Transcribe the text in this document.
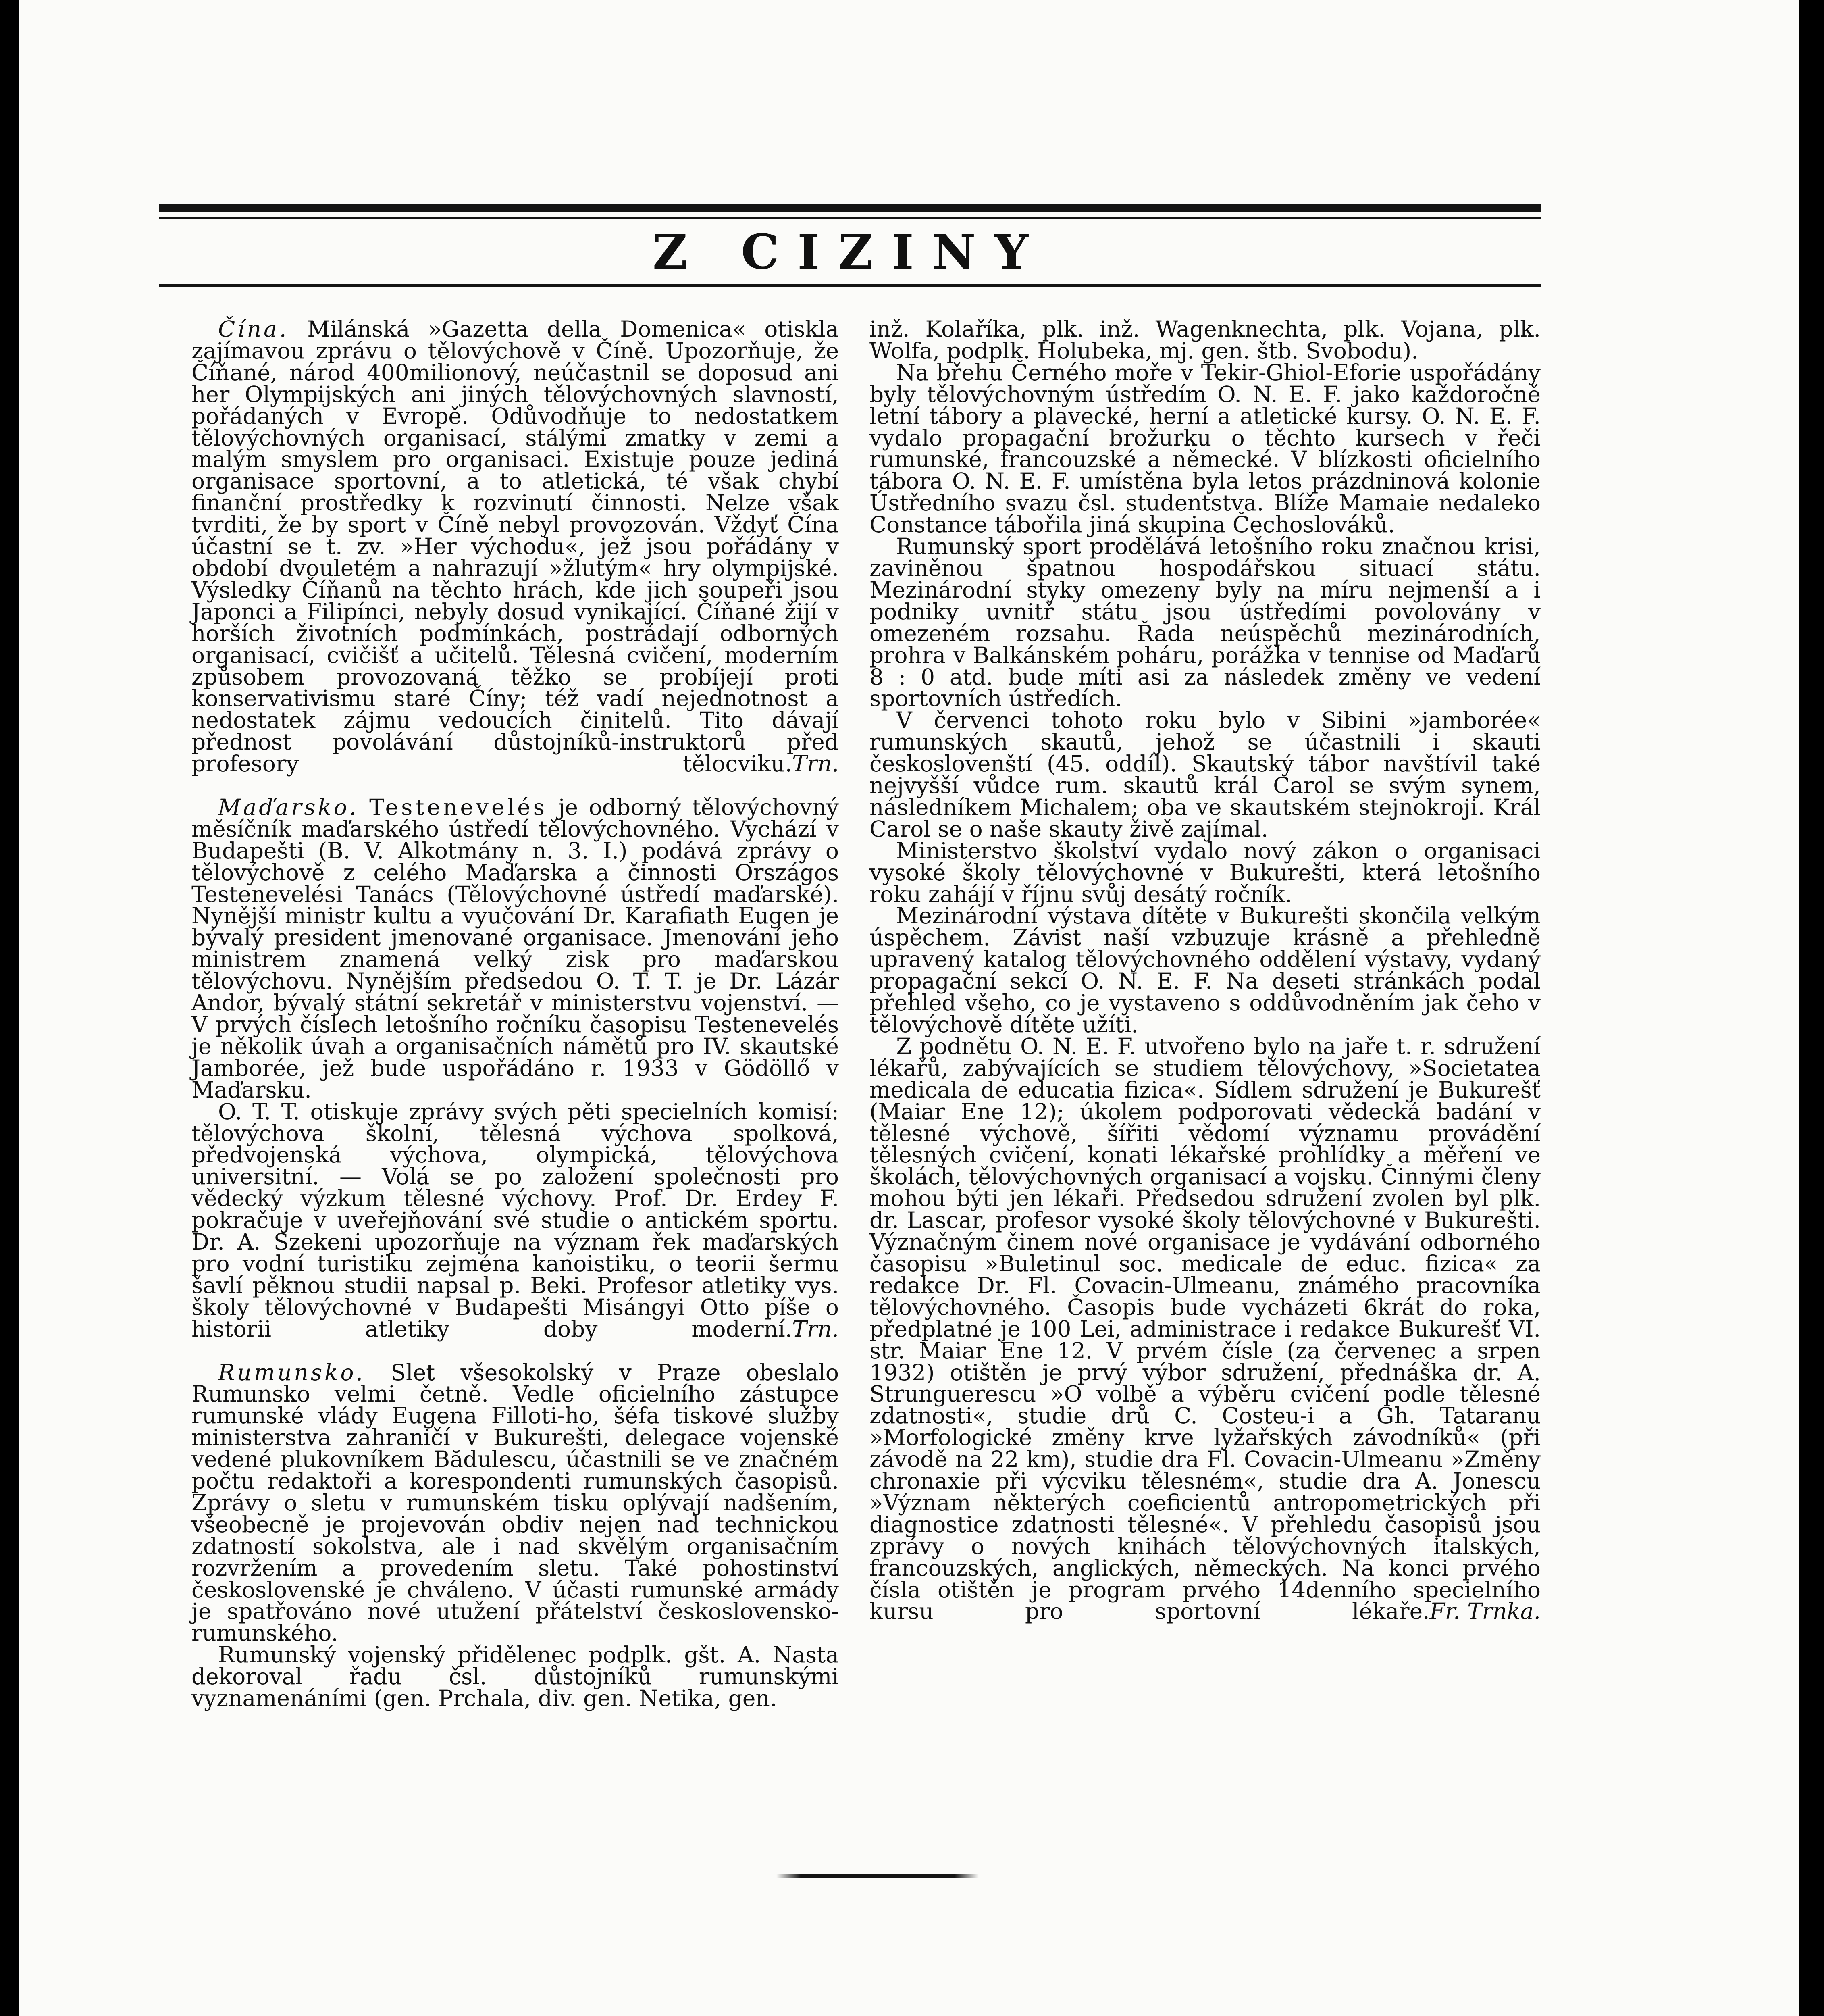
Z CIZINY

Čína. Milánská »Gazetta della Domenica« otiskla zajímavou zprávu o tělovýchově v Číně. Upozorňuje, že Číňané, národ 400milionový, neúčastnil se doposud ani her Olympijských ani jiných tělovýchovných slavností, pořádaných v Evropě. Odůvodňuje to nedostatkem tělovýchovných organisací, stálými zmatky v zemi a malým smyslem pro organisaci. Existuje pouze jediná organisace sportovní, a to atletická, té však chybí finanční prostředky k rozvinutí činnosti. Nelze však tvrditi, že by sport v Číně nebyl provozován. Vždyť Čína účastní se t. zv. »Her východu«, jež jsou pořádány v období dvouletém a nahrazují »žlutým« hry olympijské. Výsledky Číňanů na těchto hrách, kde jich soupeři jsou Japonci a Filipínci, nebyly dosud vynikající. Číňané žijí v horších životních podmínkách, postrádají odborných organisací, cvičišť a učitelů. Tělesná cvičení, moderním způsobem provozovaná těžko se probíjejí proti konservativismu staré Číny; též vadí nejednotnost a nedostatek zájmu vedoucích činitelů. Tito dávají přednost povolávání důstojníků-instruktorů před profesory tělocviku. Trn.

Maďarsko. Testenevelés je odborný tělovýchovný měsíčník maďarského ústředí tělovýchovného. Vychází v Budapešti (B. V. Alkotmány n. 3. I.) podává zprávy o tělovýchově z celého Maďarska a činnosti Országos Testenevelési Tanács (Tělovýchovné ústředí maďarské). Nynější ministr kultu a vyučování Dr. Karafiath Eugen je bývalý president jmenované organisace. Jmenování jeho ministrem znamená velký zisk pro maďarskou tělovýchovu. Nynějším předsedou O. T. T. je Dr. Lázár Andor, bývalý státní sekretář v ministerstvu vojenství. — V prvých číslech letošního ročníku časopisu Testenevelés je několik úvah a organisačních námětů pro IV. skautské Jamborée, jež bude uspořádáno r. 1933 v Gödöllő v Maďarsku.

O. T. T. otiskuje zprávy svých pěti specielních komisí: tělovýchova školní, tělesná výchova spolková, předvojenská výchova, olympická, tělovýchova universitní. — Volá se po založení společnosti pro vědecký výzkum tělesné výchovy. Prof. Dr. Erdey F. pokračuje v uveřejňování své studie o antickém sportu. Dr. A. Szekeni upozorňuje na význam řek maďarských pro vodní turistiku zejména kanoistiku, o teorii šermu šavlí pěknou studii napsal p. Beki. Profesor atletiky vys. školy tělovýchovné v Budapešti Misángyi Otto píše o historii atletiky doby moderní. Trn.

Rumunsko. Slet všesokolský v Praze obeslalo Rumunsko velmi četně. Vedle oficielního zástupce rumunské vlády Eugena Filloti-ho, šéfa tiskové služby ministerstva zahraničí v Bukurešti, delegace vojenské vedené plukovníkem Bădulescu, účastnili se ve značném počtu redaktoři a korespondenti rumunských časopisů. Zprávy o sletu v rumunském tisku oplývají nadšením, všeobecně je projevován obdiv nejen nad technickou zdatností sokolstva, ale i nad skvělým organisačním rozvržením a provedením sletu. Také pohostinství československé je chváleno. V účasti rumunské armády je spatřováno nové utužení přátelství československo-rumunského.

Rumunský vojenský přidělenec podplk. gšt. A. Nasta dekoroval řadu čsl. důstojníků rumunskými vyznamenáními (gen. Prchala, div. gen. Netika, gen.

inž. Kolaříka, plk. inž. Wagenknechta, plk. Vojana, plk. Wolfa, podplk. Holubeka, mj. gen. štb. Svobodu).

Na břehu Černého moře v Tekir-Ghiol-Eforie uspořádány byly tělovýchovným ústředím O. N. E. F. jako každoročně letní tábory a plavecké, herní a atletické kursy. O. N. E. F. vydalo propagační brožurku o těchto kursech v řeči rumunské, francouzské a německé. V blízkosti oficielního tábora O. N. E. F. umístěna byla letos prázdninová kolonie Ústředního svazu čsl. studentstva. Blíže Mamaie nedaleko Constance tábořila jiná skupina Čechoslováků.

Rumunský sport prodělává letošního roku značnou krisi, zaviněnou špatnou hospodářskou situací státu. Mezinárodní styky omezeny byly na míru nejmenší a i podniky uvnitř státu jsou ústředími povolovány v omezeném rozsahu. Řada neúspěchů mezinárodních, prohra v Balkánském poháru, porážka v tennise od Maďarů 8 : 0 atd. bude míti asi za následek změny ve vedení sportovních ústředích.

V červenci tohoto roku bylo v Sibini »jamborée« rumunských skautů, jehož se účastnili i skauti českoslovenští (45. oddíl). Skautský tábor navštívil také nejvyšší vůdce rum. skautů král Carol se svým synem, následníkem Michalem; oba ve skautském stejnokroji. Král Carol se o naše skauty živě zajímal.

Ministerstvo školství vydalo nový zákon o organisaci vysoké školy tělovýchovné v Bukurešti, která letošního roku zahájí v říjnu svůj desátý ročník.

Mezinárodní výstava dítěte v Bukurešti skončila velkým úspěchem. Závist naší vzbuzuje krásně a přehledně upravený katalog tělovýchovného oddělení výstavy, vydaný propagační sekcí O. N. E. F. Na deseti stránkách podal přehled všeho, co je vystaveno s oddůvodněním jak čeho v tělovýchově dítěte užíti.

Z podnětu O. N. E. F. utvořeno bylo na jaře t. r. sdružení lékařů, zabývajících se studiem tělovýchovy, »Societatea medicala de educatia fizica«. Sídlem sdružení je Bukurešť (Maiar Ene 12); úkolem podporovati vědecká badání v tělesné výchově, šířiti vědomí významu provádění tělesných cvičení, konati lékařské prohlídky a měření ve školách, tělovýchovných organisací a vojsku. Činnými členy mohou býti jen lékaři. Předsedou sdružení zvolen byl plk. dr. Lascar, profesor vysoké školy tělovýchovné v Bukurešti. Význačným činem nové organisace je vydávání odborného časopisu »Buletinul soc. medicale de educ. fizica« za redakce Dr. Fl. Covacin-Ulmeanu, známého pracovníka tělovýchovného. Časopis bude vycházeti 6krát do roka, předplatné je 100 Lei, administrace i redakce Bukurešť VI. str. Maiar Ene 12. V prvém čísle (za červenec a srpen 1932) otištěn je prvý výbor sdružení, přednáška dr. A. Strunguerescu »O volbě a výběru cvičení podle tělesné zdatnosti«, studie drů C. Costeu-i a Gh. Tataranu »Morfologické změny krve lyžařských závodníků« (při závodě na 22 km), studie dra Fl. Covacin-Ulmeanu »Změny chronaxie při výcviku tělesném«, studie dra A. Jonescu »Význam některých coeficientů antropometrických při diagnostice zdatnosti tělesné«. V přehledu časopisů jsou zprávy o nových knihách tělovýchovných italských, francouzských, anglických, německých. Na konci prvého čísla otištěn je program prvého 14denního specielního kursu pro sportovní lékaře. Fr. Trnka.
